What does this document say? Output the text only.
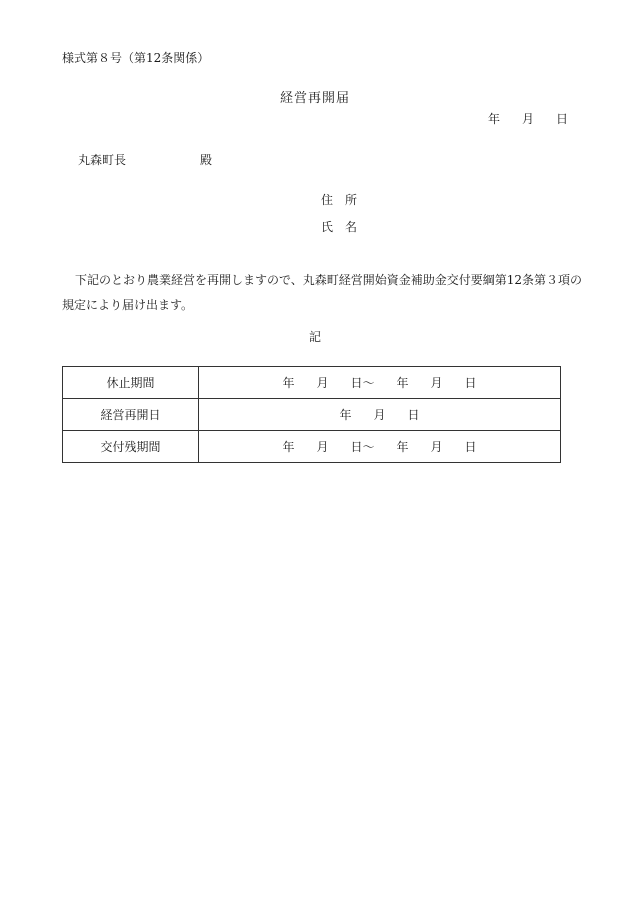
様式第８号（第12条関係）
経営再開届
年 月 日
丸森町長	殿
住　所
氏　名
下記のとおり農業経営を再開しますので、丸森町経営開始資金補助金交付要綱第12条第３項の規定により届け出ます。
記
休止期間	年 月 日～ 年 月 日
経営再開日	年 月 日
交付残期間	年 月 日～ 年 月 日
